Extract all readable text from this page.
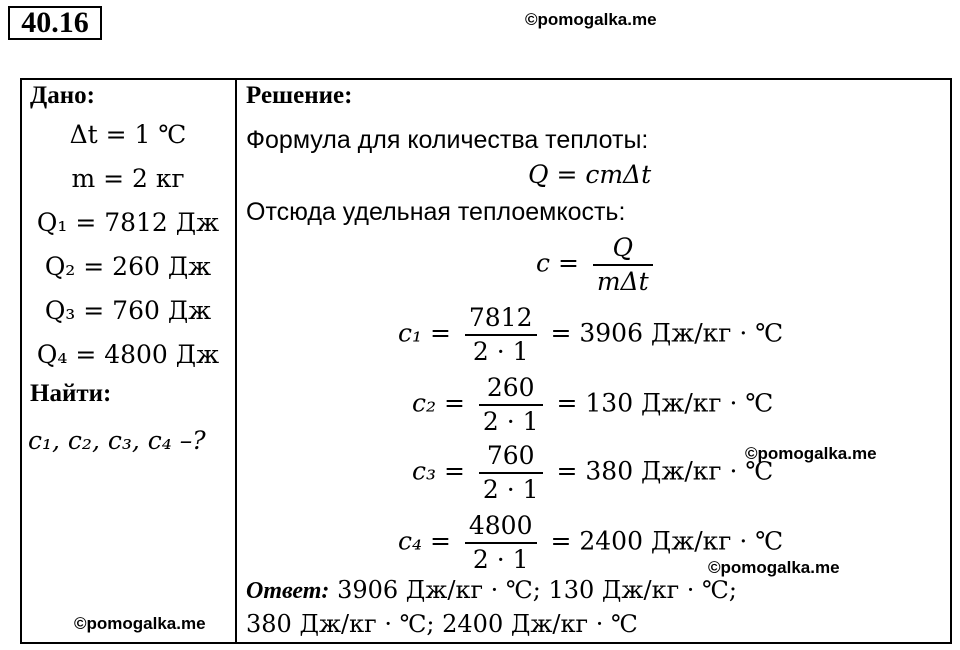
40.16	©pomogalka.me
Дано:
Δt = 1 ℃
m = 2 кг
Q₁ = 7812 Дж
Q₂ = 260 Дж
Q₃ = 760 Дж
Q₄ = 4800 Дж
Найти:
c₁, c₂, c₃, c₄ –?
©pomogalka.me
Решение:
Формула для количества теплоты:
Q = cmΔt
Отсюда удельная теплоемкость:
$c = \frac{Q}{\text{mΔt}}$
$c_1 = \frac{7812}{2 \cdot 1} = 3906$ Дж/кг · ℃
$c_2 = \frac{260}{2 \cdot 1} = 130$ Дж/кг · ℃
$c_3 = \frac{760}{2 \cdot 1} = 380$ Дж/кг · ℃
$c_4 = \frac{4800}{2 \cdot 1} = 2400$ Дж/кг · ℃
©pomogalka.me
©pomogalka.me
Ответ: 3906 Дж/кг · ℃; 130 Дж/кг · ℃;
380 Дж/кг · ℃; 2400 Дж/кг · ℃
